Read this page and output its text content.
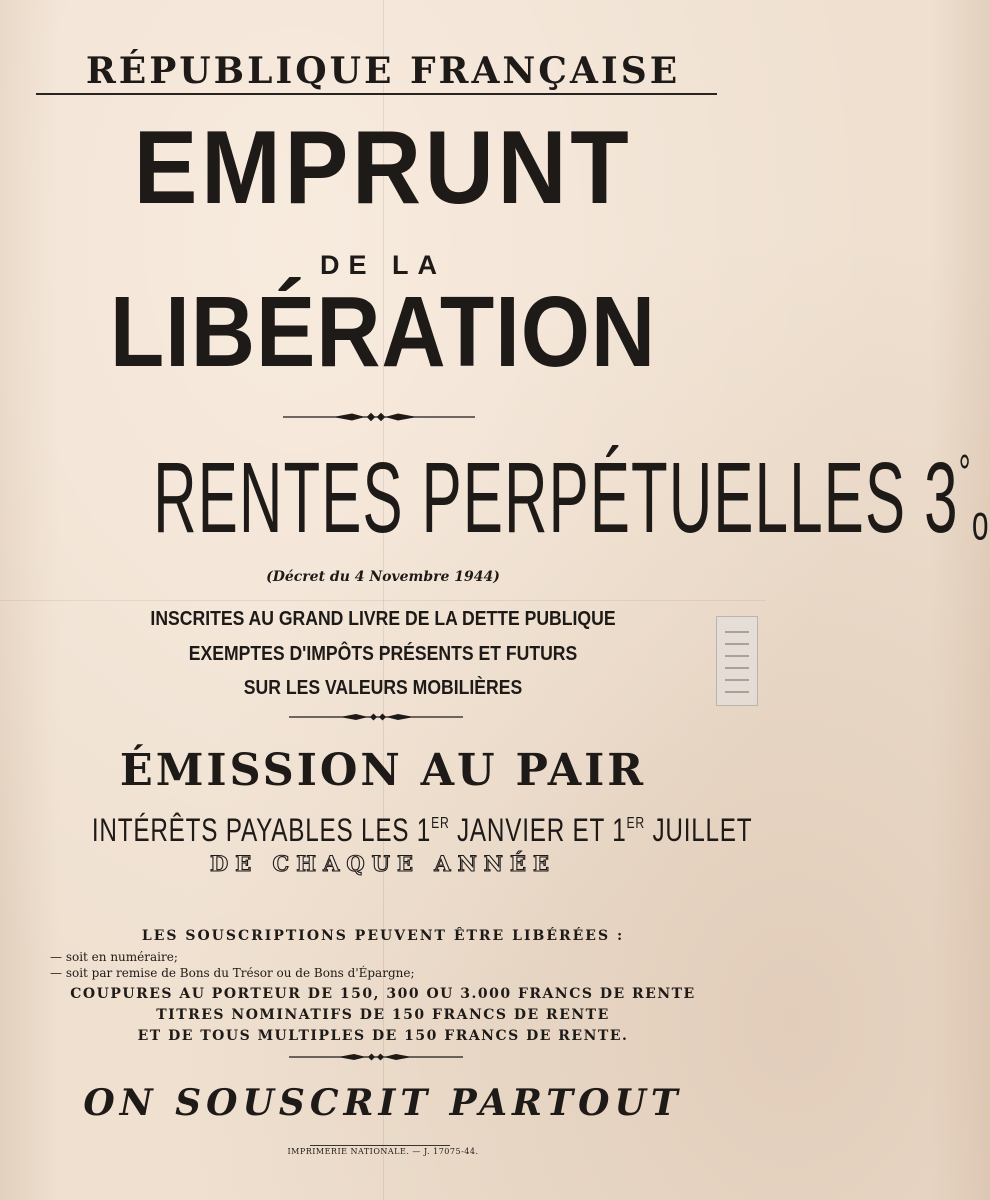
RÉPUBLIQUE FRANÇAISE
EMPRUNT
DE LA
LIBÉRATION
RENTES PERPÉTUELLES 3°o
(Décret du 4 Novembre 1944)
INSCRITES AU GRAND LIVRE DE LA DETTE PUBLIQUE
EXEMPTES D'IMPÔTS PRÉSENTS ET FUTURS
SUR LES VALEURS MOBILIÈRES
ÉMISSION AU PAIR
INTÉRÊTS PAYABLES LES 1ER JANVIER ET 1ER JUILLET
DE CHAQUE ANNÉE
LES SOUSCRIPTIONS PEUVENT ÊTRE LIBÉRÉES :
— soit en numéraire;
— soit par remise de Bons du Trésor ou de Bons d'Épargne;
COUPURES AU PORTEUR DE 150, 300 OU 3.000 FRANCS DE RENTE
TITRES NOMINATIFS DE 150 FRANCS DE RENTE
ET DE TOUS MULTIPLES DE 150 FRANCS DE RENTE.
ON SOUSCRIT PARTOUT
IMPRIMERIE NATIONALE. — J. 17075-44.
